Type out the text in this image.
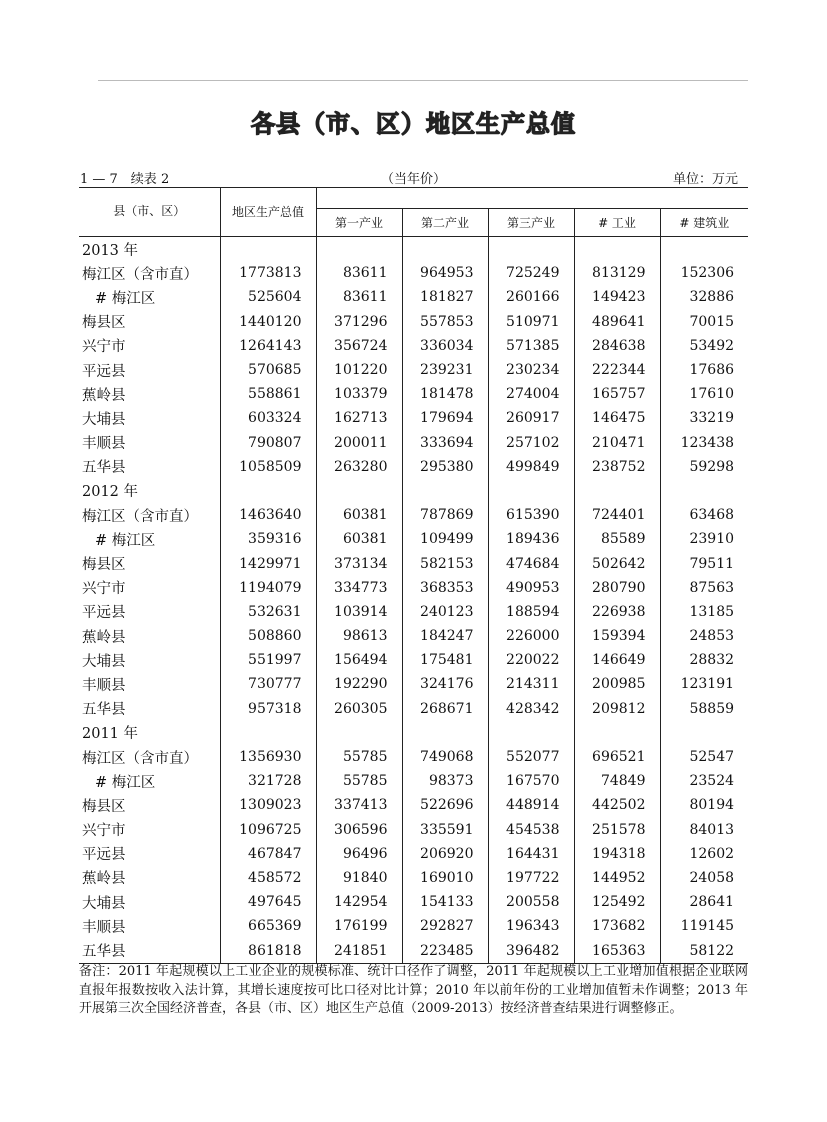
各县（市、区）地区生产总值
1 — 7　续表 2	（当年价）	单位：万元
县（市、区）	地区生产总值					
		第一产业	第二产业	第三产业	# 工业	# 建筑业
2013 年						
梅江区（含市直）	1773813	83611	964953	725249	813129	152306
# 梅江区	525604	83611	181827	260166	149423	32886
梅县区	1440120	371296	557853	510971	489641	70015
兴宁市	1264143	356724	336034	571385	284638	53492
平远县	570685	101220	239231	230234	222344	17686
蕉岭县	558861	103379	181478	274004	165757	17610
大埔县	603324	162713	179694	260917	146475	33219
丰顺县	790807	200011	333694	257102	210471	123438
五华县	1058509	263280	295380	499849	238752	59298
2012 年						
梅江区（含市直）	1463640	60381	787869	615390	724401	63468
# 梅江区	359316	60381	109499	189436	85589	23910
梅县区	1429971	373134	582153	474684	502642	79511
兴宁市	1194079	334773	368353	490953	280790	87563
平远县	532631	103914	240123	188594	226938	13185
蕉岭县	508860	98613	184247	226000	159394	24853
大埔县	551997	156494	175481	220022	146649	28832
丰顺县	730777	192290	324176	214311	200985	123191
五华县	957318	260305	268671	428342	209812	58859
2011 年						
梅江区（含市直）	1356930	55785	749068	552077	696521	52547
# 梅江区	321728	55785	98373	167570	74849	23524
梅县区	1309023	337413	522696	448914	442502	80194
兴宁市	1096725	306596	335591	454538	251578	84013
平远县	467847	96496	206920	164431	194318	12602
蕉岭县	458572	91840	169010	197722	144952	24058
大埔县	497645	142954	154133	200558	125492	28641
丰顺县	665369	176199	292827	196343	173682	119145
五华县	861818	241851	223485	396482	165363	58122
备注：2011 年起规模以上工业企业的规模标准、统计口径作了调整，2011 年起规模以上工业增加值根据企业联网直报年报数按收入法计算，其增长速度按可比口径对比计算；2010 年以前年份的工业增加值暂未作调整；2013 年开展第三次全国经济普查，各县（市、区）地区生产总值（2009-2013）按经济普查结果进行调整修正。
